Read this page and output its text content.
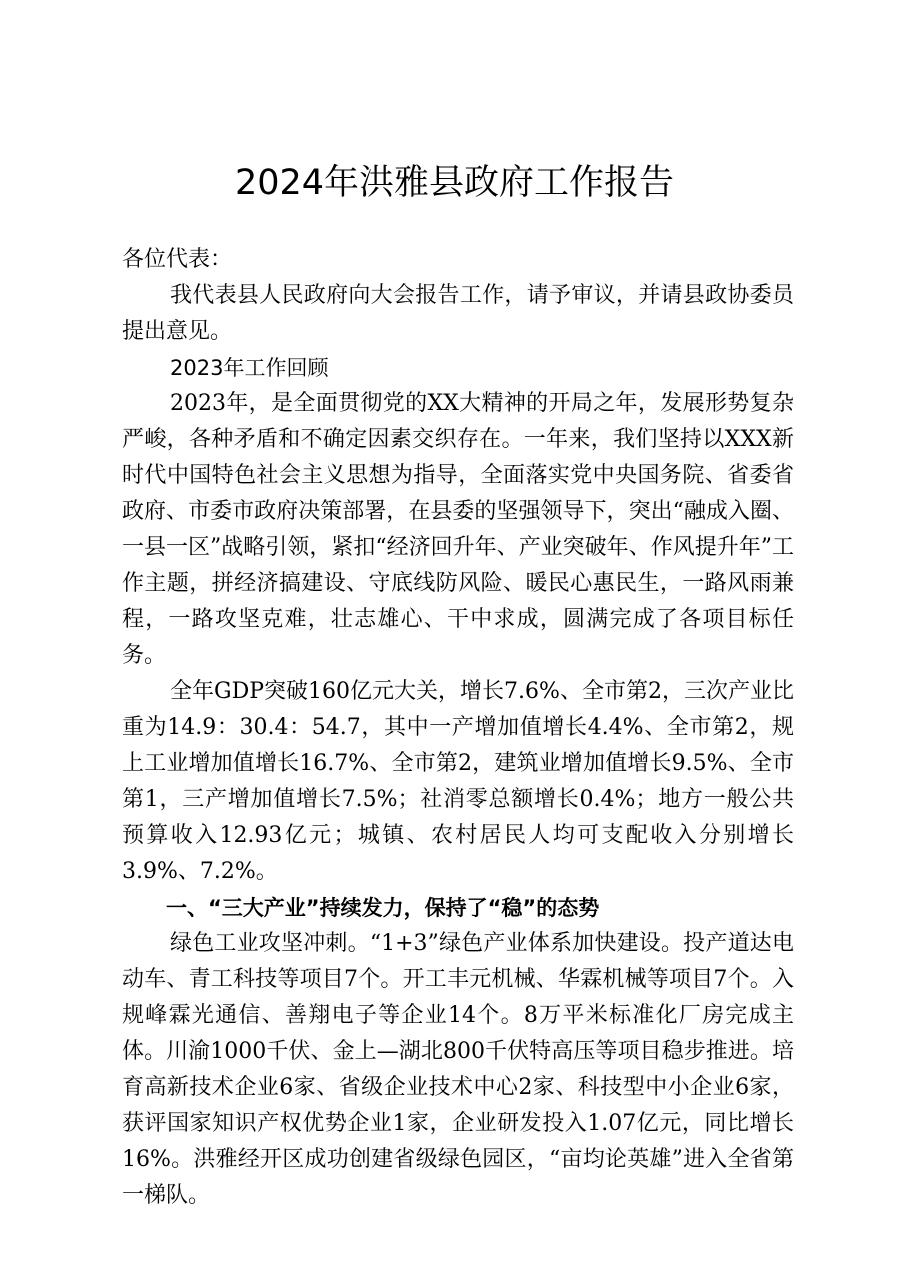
2024年洪雅县政府工作报告

各位代表：

我代表县人民政府向大会报告工作，请予审议，并请县政协委员提出意见。

2023年工作回顾

2023年，是全面贯彻党的XX大精神的开局之年，发展形势复杂严峻，各种矛盾和不确定因素交织存在。一年来，我们坚持以XXX新时代中国特色社会主义思想为指导，全面落实党中央国务院、省委省政府、市委市政府决策部署，在县委的坚强领导下，突出“融成入圈、一县一区”战略引领，紧扣“经济回升年、产业突破年、作风提升年”工作主题，拼经济搞建设、守底线防风险、暖民心惠民生，一路风雨兼程，一路攻坚克难，壮志雄心、干中求成，圆满完成了各项目标任务。

全年GDP突破160亿元大关，增长7.6%、全市第2，三次产业比重为14.9：30.4：54.7，其中一产增加值增长4.4%、全市第2，规上工业增加值增长16.7%、全市第2，建筑业增加值增长9.5%、全市第1，三产增加值增长7.5%；社消零总额增长0.4%；地方一般公共预算收入12.93亿元；城镇、农村居民人均可支配收入分别增长3.9%、7.2%。

一、“三大产业”持续发力，保持了“稳”的态势

绿色工业攻坚冲刺。“1+3”绿色产业体系加快建设。投产道达电动车、青工科技等项目7个。开工丰元机械、华霖机械等项目7个。入规峰霖光通信、善翔电子等企业14个。8万平米标准化厂房完成主体。川渝1000千伏、金上—湖北800千伏特高压等项目稳步推进。培育高新技术企业6家、省级企业技术中心2家、科技型中小企业6家，获评国家知识产权优势企业1家，企业研发投入1.07亿元，同比增长16%。洪雅经开区成功创建省级绿色园区，“亩均论英雄”进入全省第一梯队。
